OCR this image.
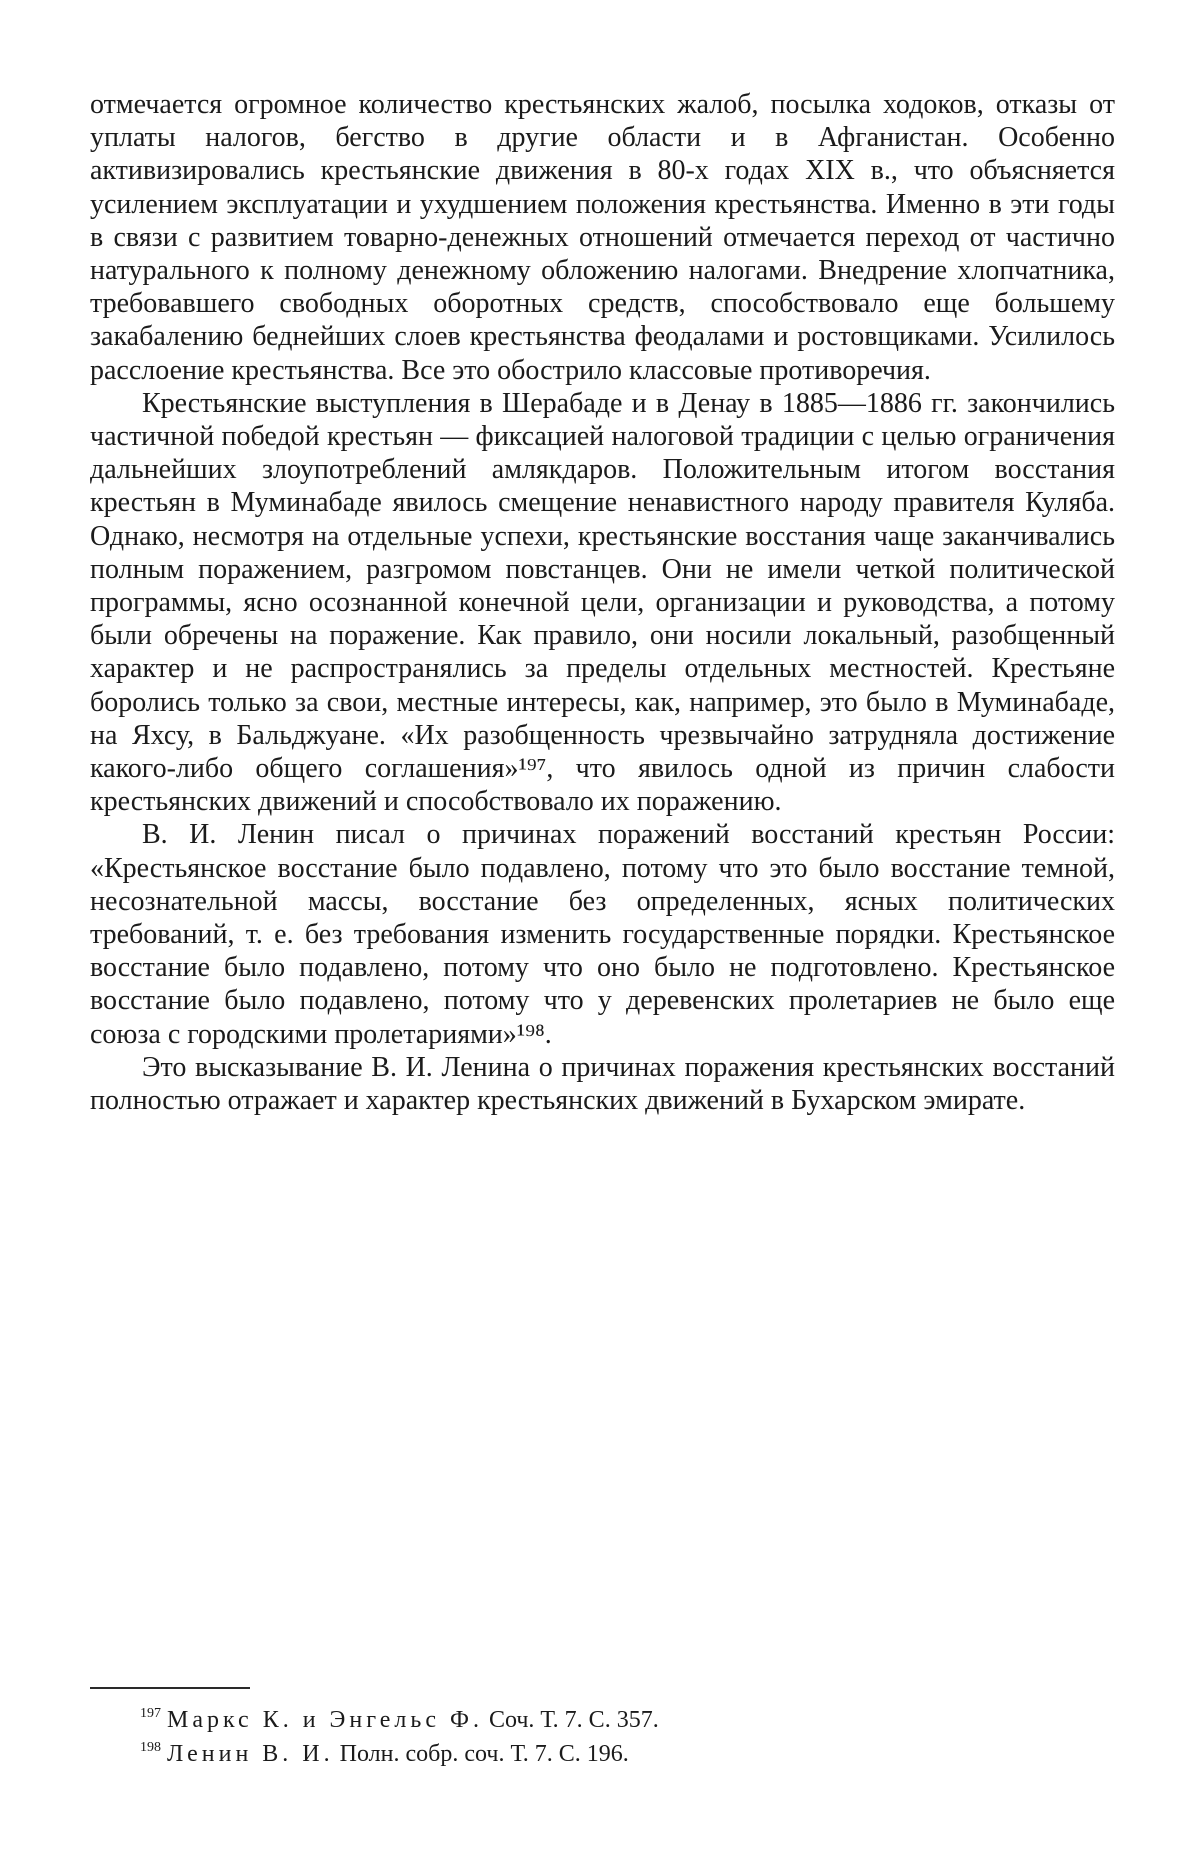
отмечается огромное количество крестьянских жалоб, посылка ходоков, отказы от уплаты налогов, бегство в другие области и в Афганистан. Особенно активизировались крестьянские движения в 80-х годах XIX в., что объясняется усилением эксплуатации и ухудшением положения крестьянства. Именно в эти годы в связи с развитием товарно-денежных отношений отмечается переход от частично натурального к полному денежному обложению налогами. Внедрение хлопчатника, требовавшего свободных оборотных средств, способствовало еще большему закабалению беднейших слоев крестьянства феодалами и ростовщиками. Усилилось расслоение крестьянства. Все это обострило классовые противоречия.

Крестьянские выступления в Шерабаде и в Денау в 1885—1886 гг. закончились частичной победой крестьян — фиксацией налоговой традиции с целью ограничения дальнейших злоупотреблений амлякдаров. Положительным итогом восстания крестьян в Муминабаде явилось смещение ненавистного народу правителя Куляба. Однако, несмотря на отдельные успехи, крестьянские восстания чаще заканчивались полным поражением, разгромом повстанцев. Они не имели четкой политической программы, ясно осознанной конечной цели, организации и руководства, а потому были обречены на поражение. Как правило, они носили локальный, разобщенный характер и не распространялись за пределы отдельных местностей. Крестьяне боролись только за свои, местные интересы, как, например, это было в Муминабаде, на Яхсу, в Бальджуане. «Их разобщенность чрезвычайно затрудняла достижение какого-либо общего соглашения»¹⁹⁷, что явилось одной из причин слабости крестьянских движений и способствовало их поражению.

В. И. Ленин писал о причинах поражений восстаний крестьян России: «Крестьянское восстание было подавлено, потому что это было восстание темной, несознательной массы, восстание без определенных, ясных политических требований, т. е. без требования изменить государственные порядки. Крестьянское восстание было подавлено, потому что оно было не подготовлено. Крестьянское восстание было подавлено, потому что у деревенских пролетариев не было еще союза с городскими пролетариями»¹⁹⁸.

Это высказывание В. И. Ленина о причинах поражения крестьянских восстаний полностью отражает и характер крестьянских движений в Бухарском эмирате.

$^{197}$ Маркс К. и Энгельс Ф. Соч. Т. 7. С. 357.

$^{198}$ Ленин В. И. Полн. собр. соч. Т. 7. С. 196.
